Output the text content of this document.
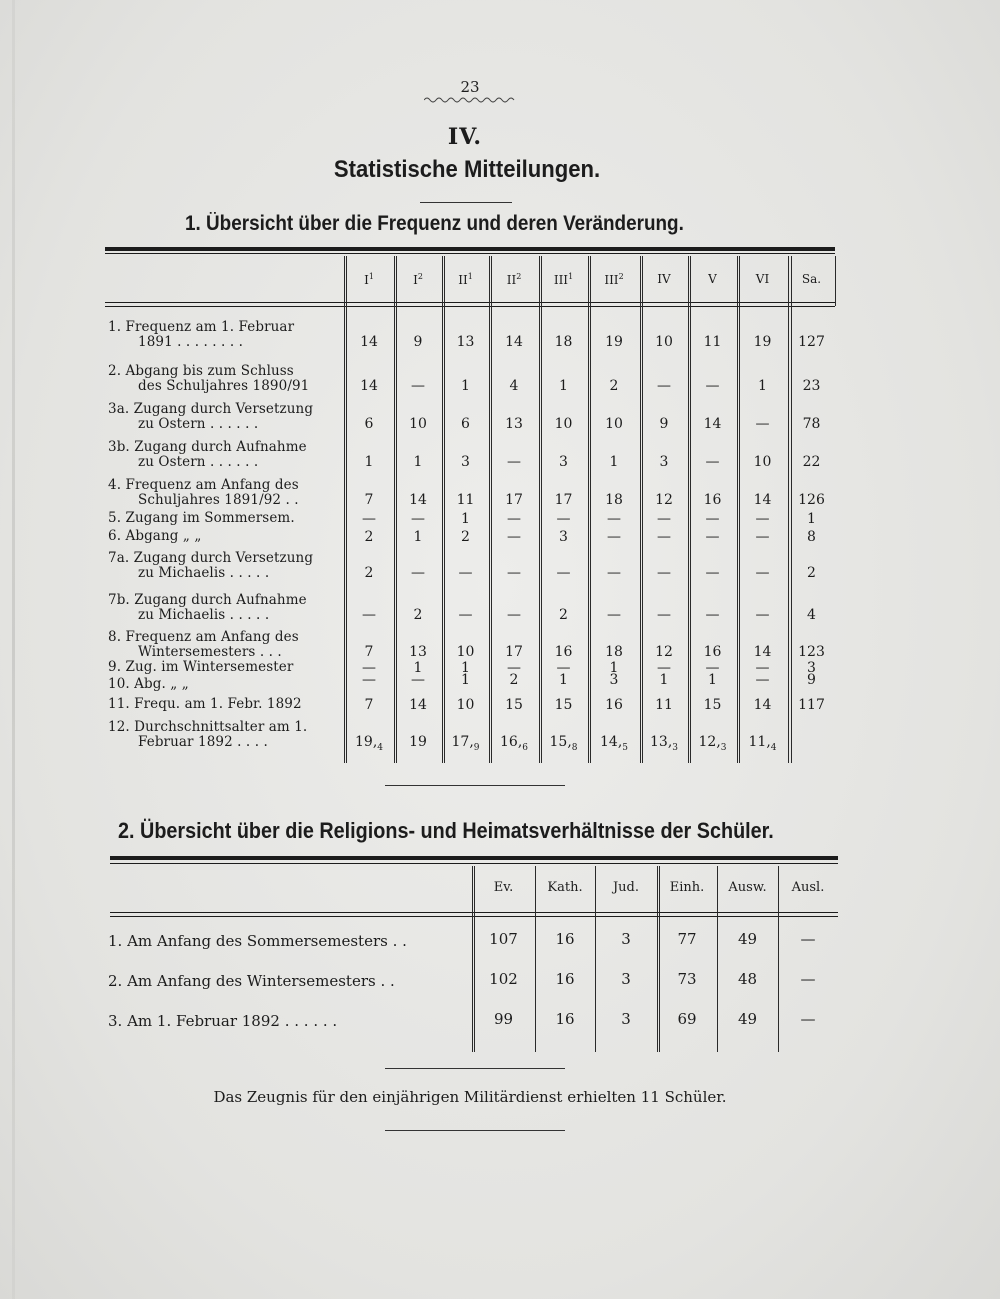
23
IV.
Statistische Mitteilungen.
1. Übersicht über die Frequenz und deren Veränderung.
$I^1$	$I^2$	$II^1$	$II^2$	III$^1$	III$^2$	IV	V	VI	Sa.
1. Frequenz am 1. Februar
1891 . . . . . . . .	14	9	13	14	18	19	10	11	19	127
2. Abgang bis zum Schluss
des Schuljahres 1890/91	14	—	1	4	1	2	—	—	1	23
3a. Zugang durch Versetzung
zu Ostern . . . . . .	6	10	6	13	10	10	9	14	—	78
3b. Zugang durch Aufnahme
zu Ostern . . . . . .	1	1	3	—	3	1	3	—	10	22
4. Frequenz am Anfang des
Schuljahres 1891/92 . .	7	14	11	17	17	18	12	16	14	126
5. Zugang im Sommersem.	—	—	1	—	—	—	—	—	—	1
6. Abgang „ „	2	1	2	—	3	—	—	—	—	8
7a. Zugang durch Versetzung
zu Michaelis . . . . .	2	—	—	—	—	—	—	—	—	2
7b. Zugang durch Aufnahme
zu Michaelis . . . . .	—	2	—	—	2	—	—	—	—	4
8. Frequenz am Anfang des
Wintersemesters . . .	7	13	10	17	16	18	12	16	14	123
9. Zug. im Wintersemester	—	1	1	—	—	1	—	—	—	3
10. Abg. „ „	—	—	1	2	1	3	1	1	—	9
11. Frequ. am 1. Febr. 1892	7	14	10	15	15	16	11	15	14	117
12. Durchschnittsalter am 1.
Februar 1892 . . . .	$19,_4$	19	$17,_9$	$16,_6$	$15,_8$	$14,_5$	$13,_3$	$12,_3$	$11,_4$
2. Übersicht über die Religions- und Heimatsverhältnisse der Schüler.
Ev.	Kath.	Jud.	Einh.	Ausw.	Ausl.
1. Am Anfang des Sommersemesters . .	107	16	3	77	49	—
2. Am Anfang des Wintersemesters . .	102	16	3	73	48	—
3. Am 1. Februar 1892 . . . . . .	99	16	3	69	49	—
Das Zeugnis für den einjährigen Militärdienst erhielten 11 Schüler.
